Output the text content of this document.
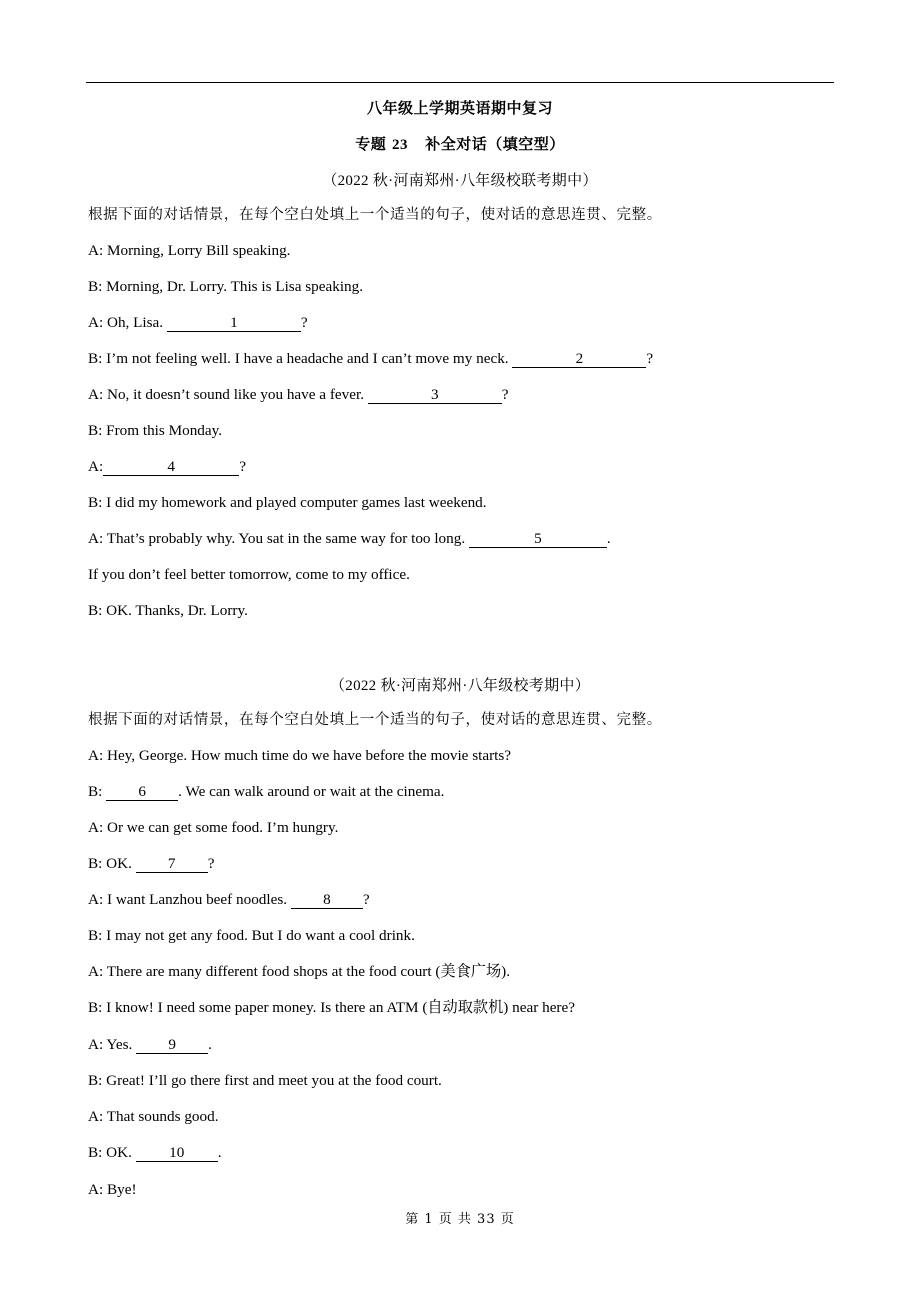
八年级上学期英语期中复习
专题 23 补全对话（填空型）
（2022 秋·河南郑州·八年级校联考期中）
根据下面的对话情景，在每个空白处填上一个适当的句子，使对话的意思连贯、完整。
A: Morning, Lorry Bill speaking.
B: Morning, Dr. Lorry. This is Lisa speaking.
A: Oh, Lisa.	1	?
B: I’m not feeling well. I have a headache and I can’t move my neck.	2	?
A: No, it doesn’t sound like you have a fever.	3	?
B: From this Monday.
A:	4	?
B: I did my homework and played computer games last weekend.
A: That’s probably why. You sat in the same way for too long.	5	.
If you don’t feel better tomorrow, come to my office.
B: OK. Thanks, Dr. Lorry.
（2022 秋·河南郑州·八年级校考期中）
根据下面的对话情景，在每个空白处填上一个适当的句子，使对话的意思连贯、完整。
A: Hey, George. How much time do we have before the movie starts?
B: 6 . We can walk around or wait at the cinema.
A: Or we can get some food. I’m hungry.
B: OK. 7 ?
A: I want Lanzhou beef noodles. 8 ?
B: I may not get any food. But I do want a cool drink.
A: There are many different food shops at the food court (美食广场).
B: I know! I need some paper money. Is there an ATM (自动取款机) near here?
A: Yes. 9 .
B: Great! I’ll go there first and meet you at the food court.
A: That sounds good.
B: OK. 10 .
A: Bye!
第 1 页 共 33 页
